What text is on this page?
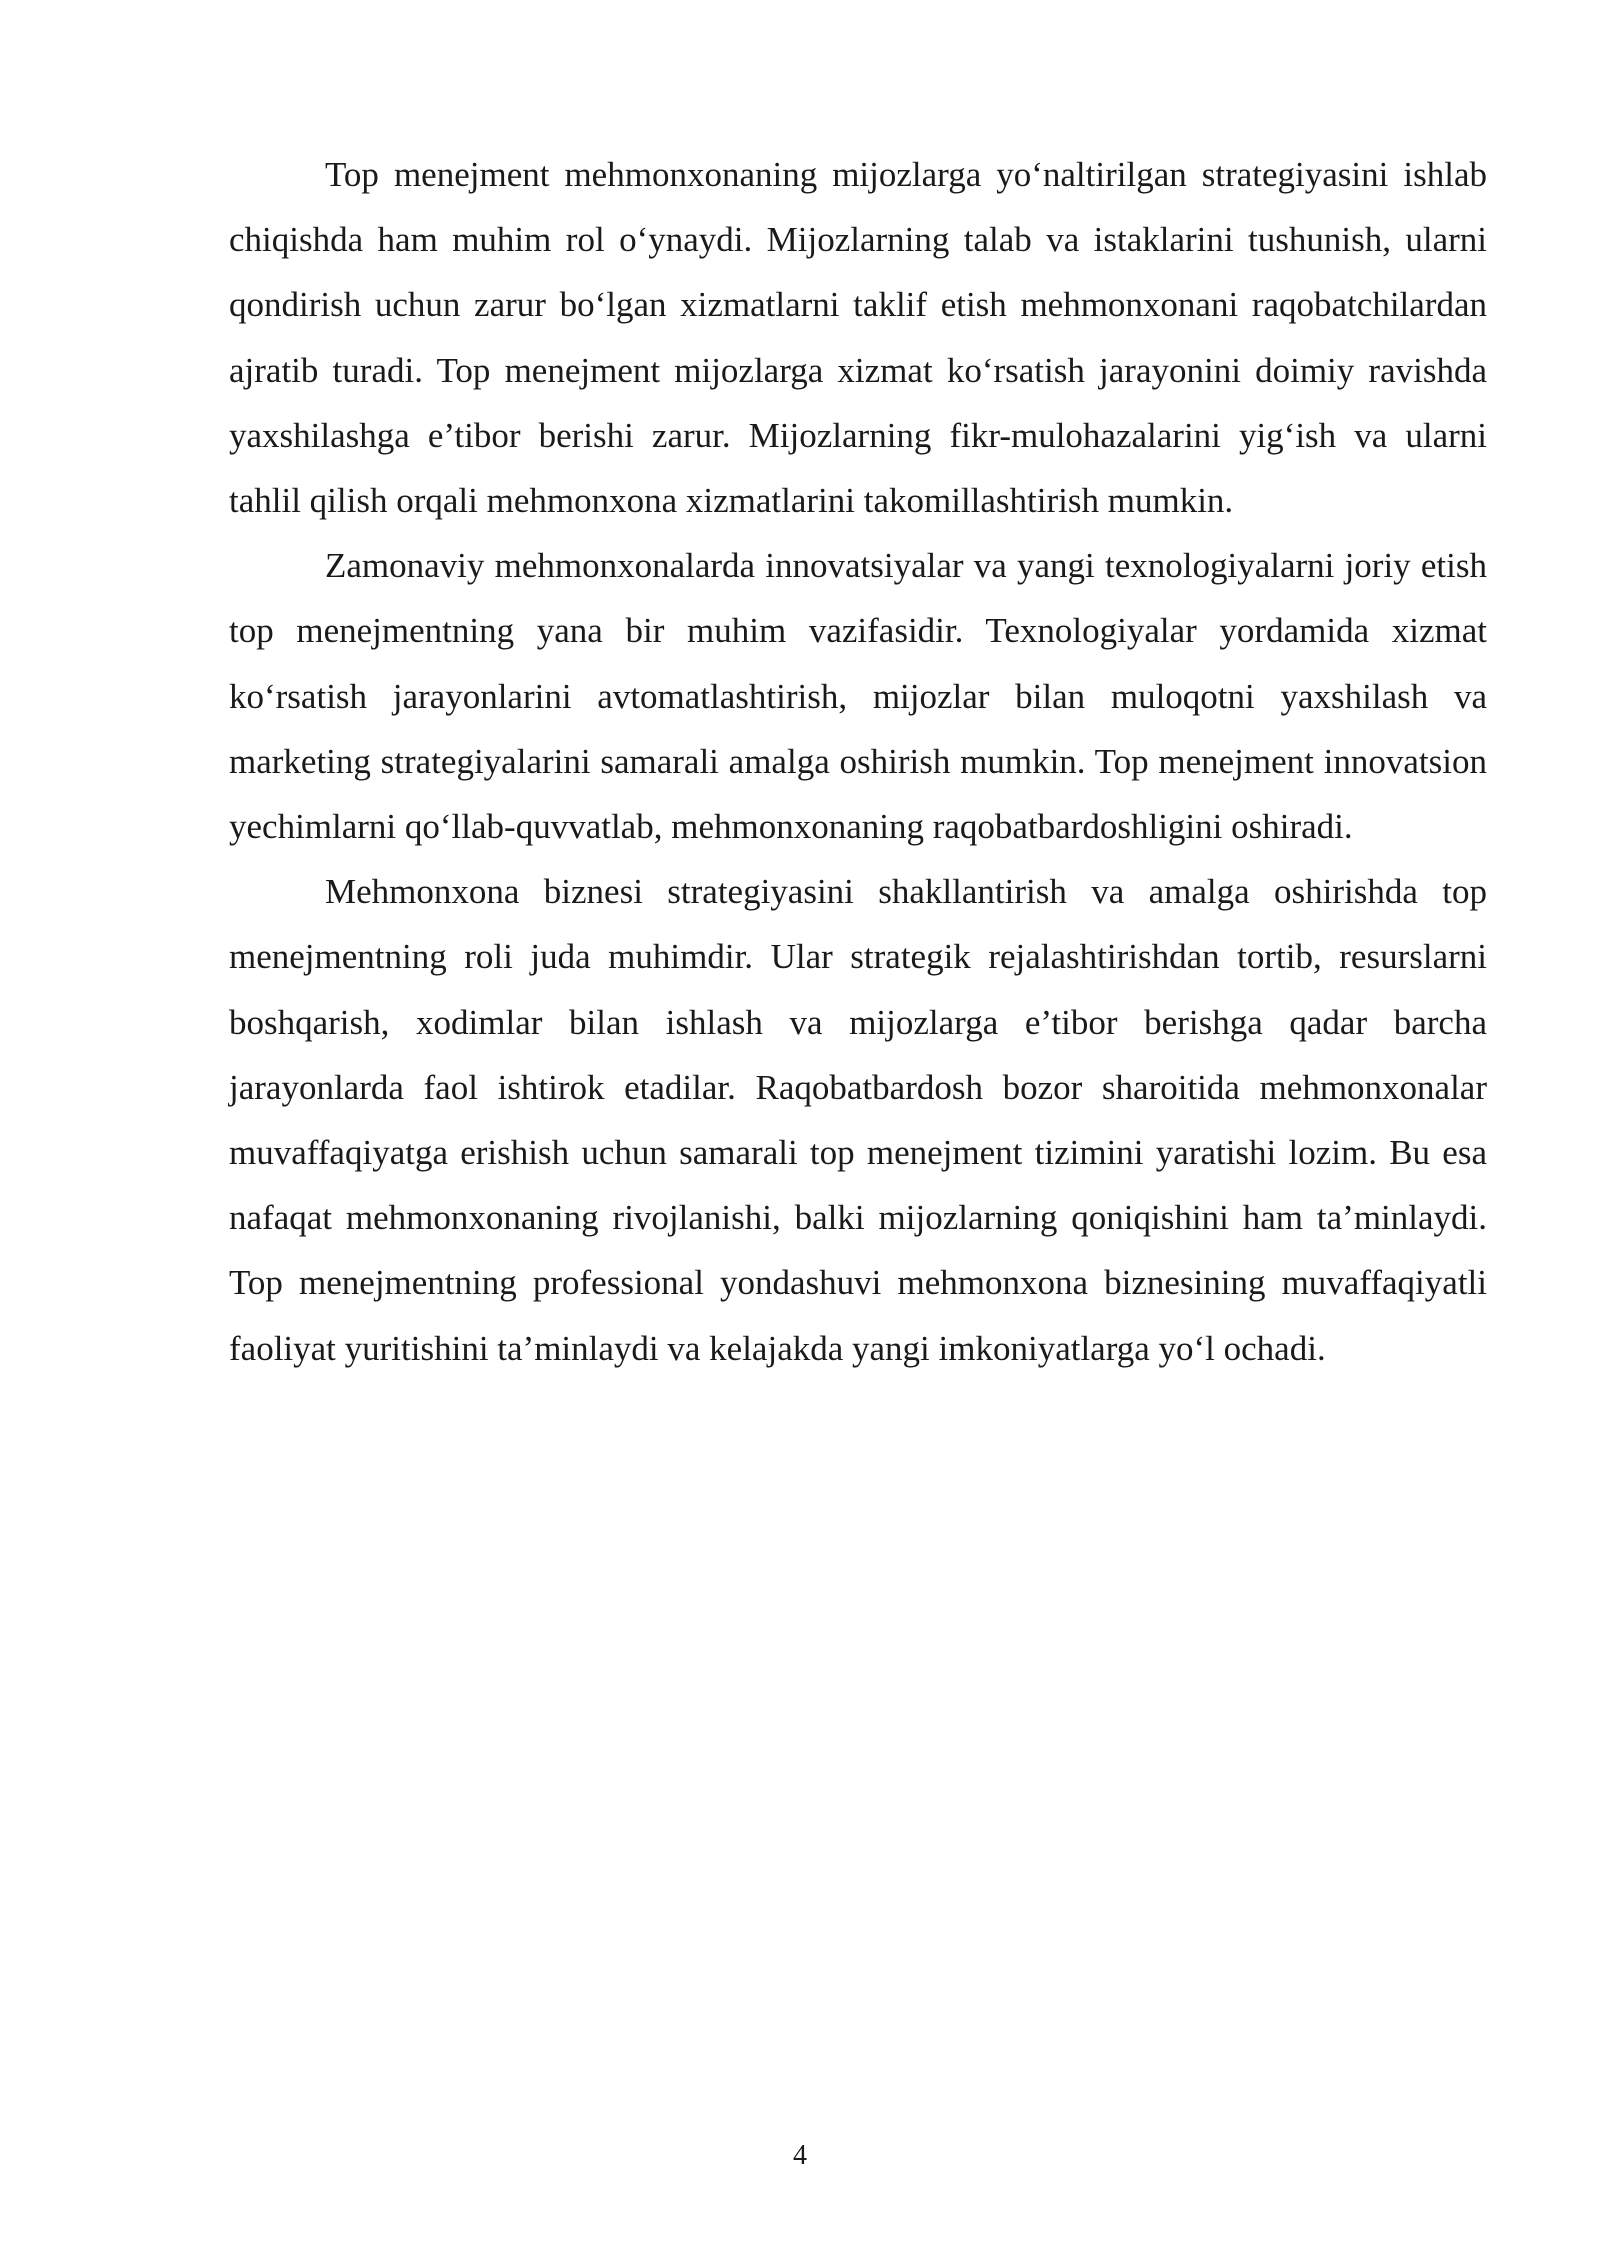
Top menejment mehmonxonaning mijozlarga yo‘naltirilgan strategiyasini ishlab chiqishda ham muhim rol o‘ynaydi. Mijozlarning talab va istaklarini tushunish, ularni qondirish uchun zarur bo‘lgan xizmatlarni taklif etish mehmonxonani raqobatchilardan ajratib turadi. Top menejment mijozlarga xizmat ko‘rsatish jarayonini doimiy ravishda yaxshilashga e’tibor berishi zarur. Mijozlarning fikr-mulohazalarini yig‘ish va ularni tahlil qilish orqali mehmonxona xizmatlarini takomillashtirish mumkin.

Zamonaviy mehmonxonalarda innovatsiyalar va yangi texnologiyalarni joriy etish top menejmentning yana bir muhim vazifasidir. Texnologiyalar yordamida xizmat ko‘rsatish jarayonlarini avtomatlashtirish, mijozlar bilan muloqotni yaxshilash va marketing strategiyalarini samarali amalga oshirish mumkin. Top menejment innovatsion yechimlarni qo‘llab-quvvatlab, mehmonxonaning raqobatbardoshligini oshiradi.

Mehmonxona biznesi strategiyasini shakllantirish va amalga oshirishda top menejmentning roli juda muhimdir. Ular strategik rejalashtirishdan tortib, resurslarni boshqarish, xodimlar bilan ishlash va mijozlarga e’tibor berishga qadar barcha jarayonlarda faol ishtirok etadilar. Raqobatbardosh bozor sharoitida mehmonxonalar muvaffaqiyatga erishish uchun samarali top menejment tizimini yaratishi lozim. Bu esa nafaqat mehmonxonaning rivojlanishi, balki mijozlarning qoniqishini ham ta’minlaydi. Top menejmentning professional yondashuvi mehmonxona biznesining muvaffaqiyatli faoliyat yuritishini ta’minlaydi va kelajakda yangi imkoniyatlarga yo‘l ochadi.

4
